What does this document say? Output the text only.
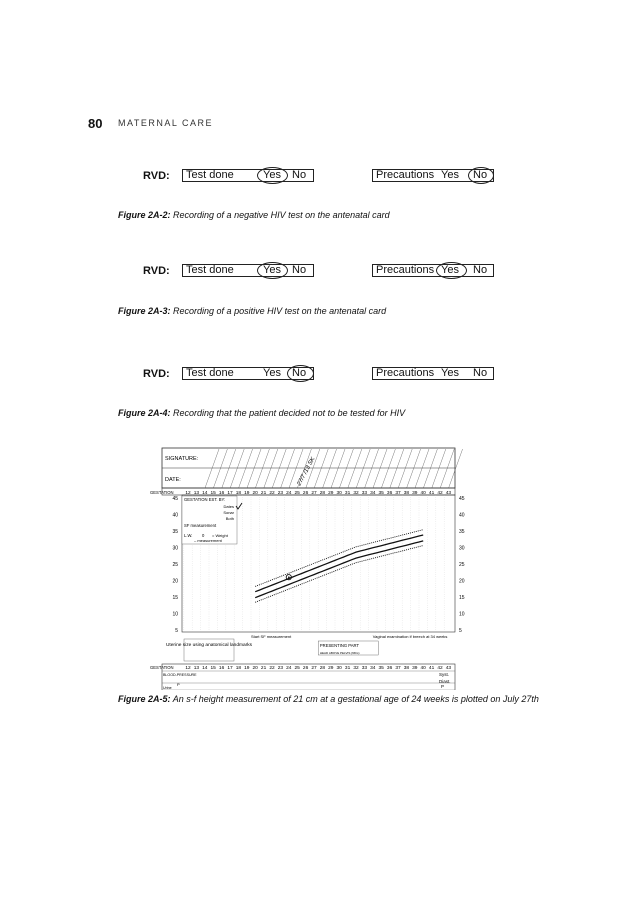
80 MATERNAL CARE
RVD:	Test done	Yes No	Precautions Yes No
Figure 2A-2: Recording of a negative HIV test on the antenatal card
RVD:	Test done	Yes No	Precautions Yes No
Figure 2A-3: Recording of a positive HIV test on the antenatal card
RVD:	Test done	Yes No	Precautions Yes No
Figure 2A-4: Recording that the patient decided not to be tested for HIV
SIGNATURE:
DATE:	27/7 /13 SK
GESTATION 12 13 14 15 16 17 18 19 20 21 22 23 24 25 26 27 28 29 30 31 32 33 34 35 36 37 38 39 40 41 42 43
45	45
40	40
35	35
30	30
25	25
20	20
15	15
10	10
5	5
GESTATION EST. BY:
Dates
Sonar
Both
SF measurement
L.W. 0 = Weight
– measurement
Start SF measurement	Vaginal examination if breech at 34 weeks
Uterine size using anatomical landmarks	PRESENTING PART
HEAD ABOVE PELVIS (fifths)
GESTATION 12 13 14 15 16 17 18 19 20 21 22 23 24 25 26 27 28 29 30 31 32 33 34 35 36 37 38 39 40 41 42 43
BLOOD-PRESSURE
Urine
P
Syst.
Diast.
P
Figure 2A-5: An s-f height measurement of 21 cm at a gestational age of 24 weeks is plotted on July 27th
